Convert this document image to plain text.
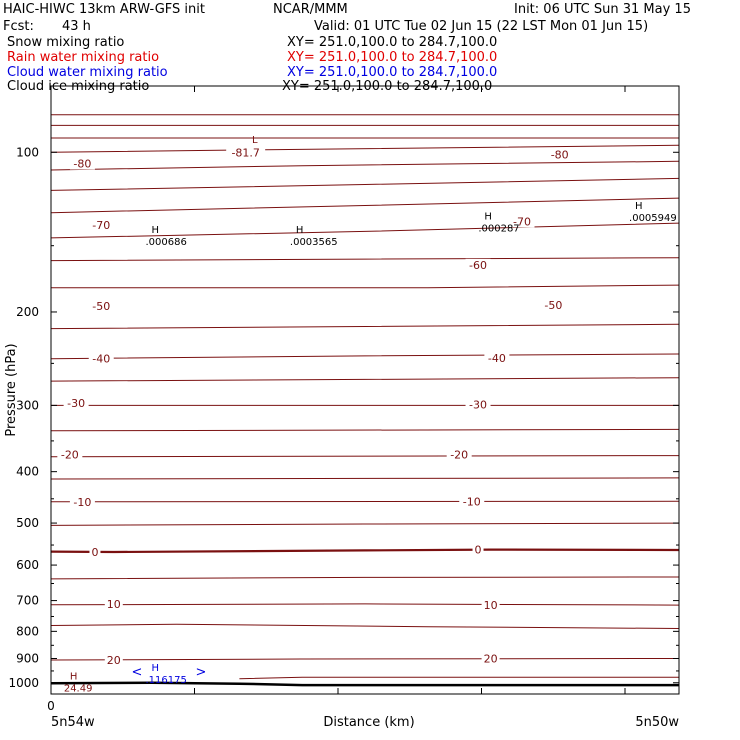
HAIC-HIWC 13km ARW-GFS init	NCAR/MMM	Init: 06 UTC Sun 31 May 15
Fcst: 43 h	Valid: 01 UTC Tue 02 Jun 15 (22 LST Mon 01 Jun 15)
Snow mixing ratio	XY= 251.0,100.0 to 284.7,100.0
Rain water mixing ratio	XY= 251.0,100.0 to 284.7,100.0
Cloud water mixing ratio	XY= 251.0,100.0 to 284.7,100.0
Cloud ice mixing ratio	XY= 251.0,100.0 to 284.7,100.0
-80
-81.7	-80
-70	-70
-60
-50	-50
-40	-40
-30	-30
-20	-20
-10	-10
0	0
10	10
20	20
L
H
.000686
H
.0003565
H
.000287
H
.0005949
H
24.49
H
.116175
<	>
100
200
300
400
500
600
700
800
900
1000
Pressure (hPa)
Distance (km)
5n54w	5n50w
0
